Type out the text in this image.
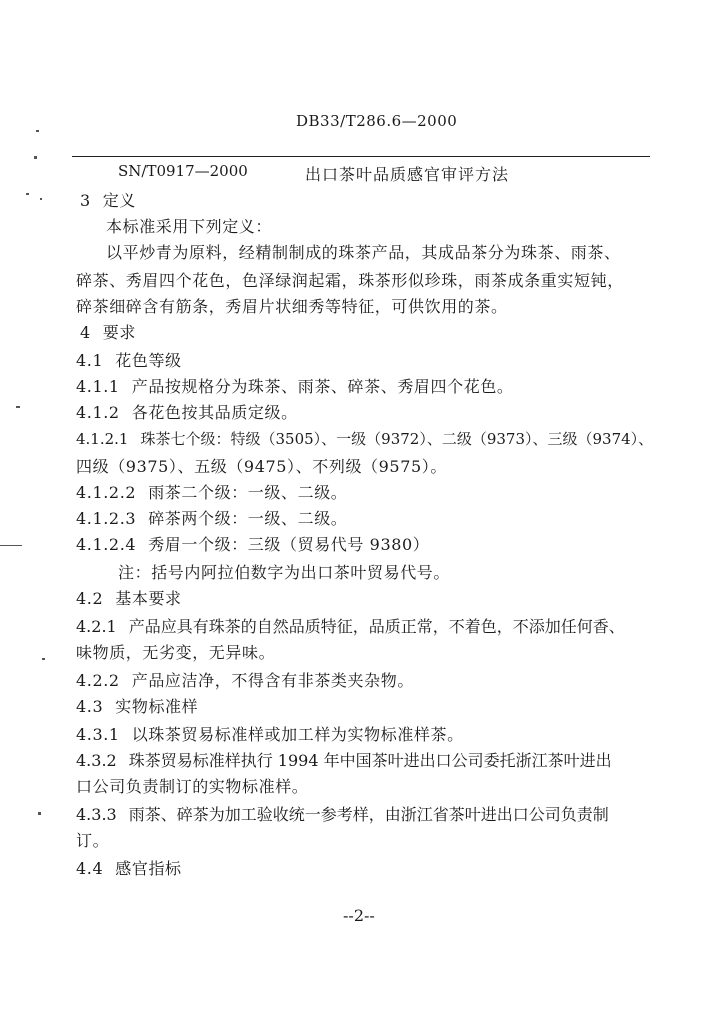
DB33/T286.6—2000
SN/T0917—2000	出口茶叶品质感官审评方法
3 定义
本标准采用下列定义：
以平炒青为原料，经精制制成的珠茶产品，其成品茶分为珠茶、雨茶、
碎茶、秀眉四个花色，色泽绿润起霜，珠茶形似珍珠，雨茶成条重实短钝，
碎茶细碎含有筋条，秀眉片状细秀等特征，可供饮用的茶。
4 要求
4.1 花色等级
4.1.1 产品按规格分为珠茶、雨茶、碎茶、秀眉四个花色。
4.1.2 各花色按其品质定级。
4.1.2.1 珠茶七个级：特级（3505）、一级（9372）、二级（9373）、三级（9374）、
四级（9375）、五级（9475）、不列级（9575）。
4.1.2.2 雨茶二个级：一级、二级。
4.1.2.3 碎茶两个级：一级、二级。
4.1.2.4 秀眉一个级：三级（贸易代号 9380）
注：括号内阿拉伯数字为出口茶叶贸易代号。
4.2 基本要求
4.2.1 产品应具有珠茶的自然品质特征，品质正常，不着色，不添加任何香、
味物质，无劣变，无异味。
4.2.2 产品应洁净，不得含有非茶类夹杂物。
4.3 实物标准样
4.3.1 以珠茶贸易标准样或加工样为实物标准样茶。
4.3.2 珠茶贸易标准样执行 1994 年中国茶叶进出口公司委托浙江茶叶进出
口公司负责制订的实物标准样。
4.3.3 雨茶、碎茶为加工验收统一参考样，由浙江省茶叶进出口公司负责制
订。
4.4 感官指标
--2--
